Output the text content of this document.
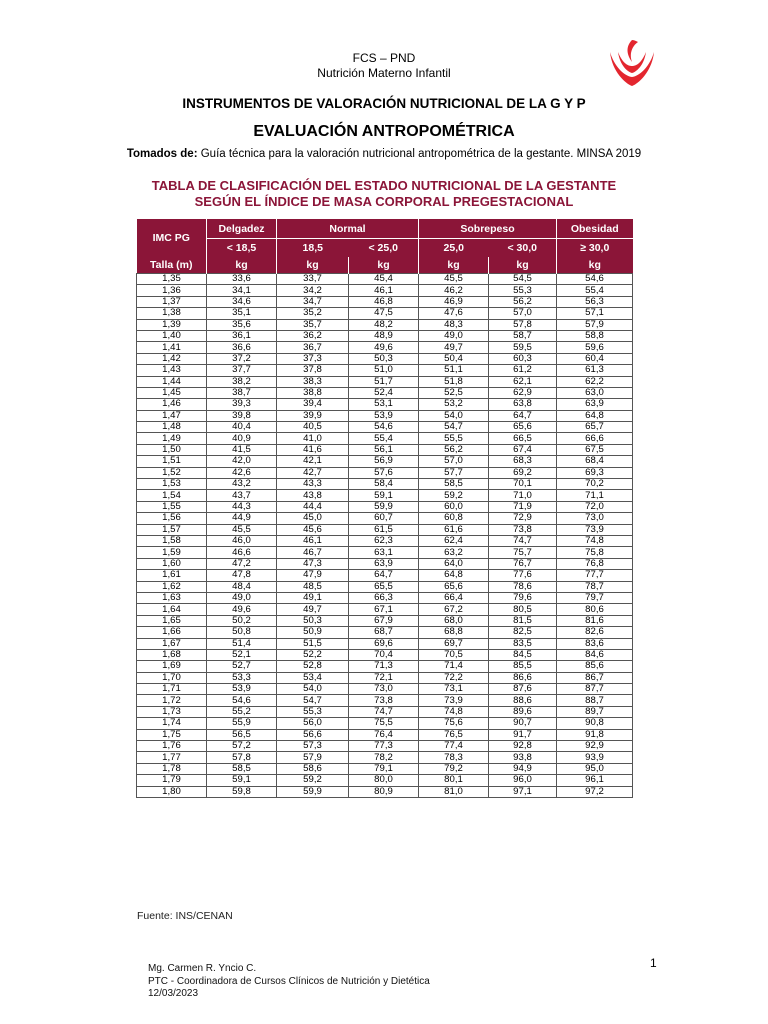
FCS – PND
Nutrición Materno Infantil
INSTRUMENTOS DE VALORACIÓN NUTRICIONAL DE LA G Y P
EVALUACIÓN ANTROPOMÉTRICA
Tomados de: Guía técnica para la valoración nutricional antropométrica de la gestante. MINSA 2019
TABLA DE CLASIFICACIÓN DEL ESTADO NUTRICIONAL DE LA GESTANTE
SEGÚN EL ÍNDICE DE MASA CORPORAL PREGESTACIONAL
IMC PG	Delgadez	Normal		Sobrepeso		Obesidad
	< 18,5	18,5	< 25,0	25,0	< 30,0	≥ 30,0
Talla (m)	kg	kg	kg	kg	kg	kg
1,35	33,6	33,7	45,4	45,5	54,5	54,6
1,36	34,1	34,2	46,1	46,2	55,3	55,4
1,37	34,6	34,7	46,8	46,9	56,2	56,3
1,38	35,1	35,2	47,5	47,6	57,0	57,1
1,39	35,6	35,7	48,2	48,3	57,8	57,9
1,40	36,1	36,2	48,9	49,0	58,7	58,8
1,41	36,6	36,7	49,6	49,7	59,5	59,6
1,42	37,2	37,3	50,3	50,4	60,3	60,4
1,43	37,7	37,8	51,0	51,1	61,2	61,3
1,44	38,2	38,3	51,7	51,8	62,1	62,2
1,45	38,7	38,8	52,4	52,5	62,9	63,0
1,46	39,3	39,4	53,1	53,2	63,8	63,9
1,47	39,8	39,9	53,9	54,0	64,7	64,8
1,48	40,4	40,5	54,6	54,7	65,6	65,7
1,49	40,9	41,0	55,4	55,5	66,5	66,6
1,50	41,5	41,6	56,1	56,2	67,4	67,5
1,51	42,0	42,1	56,9	57,0	68,3	68,4
1,52	42,6	42,7	57,6	57,7	69,2	69,3
1,53	43,2	43,3	58,4	58,5	70,1	70,2
1,54	43,7	43,8	59,1	59,2	71,0	71,1
1,55	44,3	44,4	59,9	60,0	71,9	72,0
1,56	44,9	45,0	60,7	60,8	72,9	73,0
1,57	45,5	45,6	61,5	61,6	73,8	73,9
1,58	46,0	46,1	62,3	62,4	74,7	74,8
1,59	46,6	46,7	63,1	63,2	75,7	75,8
1,60	47,2	47,3	63,9	64,0	76,7	76,8
1,61	47,8	47,9	64,7	64,8	77,6	77,7
1,62	48,4	48,5	65,5	65,6	78,6	78,7
1,63	49,0	49,1	66,3	66,4	79,6	79,7
1,64	49,6	49,7	67,1	67,2	80,5	80,6
1,65	50,2	50,3	67,9	68,0	81,5	81,6
1,66	50,8	50,9	68,7	68,8	82,5	82,6
1,67	51,4	51,5	69,6	69,7	83,5	83,6
1,68	52,1	52,2	70,4	70,5	84,5	84,6
1,69	52,7	52,8	71,3	71,4	85,5	85,6
1,70	53,3	53,4	72,1	72,2	86,6	86,7
1,71	53,9	54,0	73,0	73,1	87,6	87,7
1,72	54,6	54,7	73,8	73,9	88,6	88,7
1,73	55,2	55,3	74,7	74,8	89,6	89,7
1,74	55,9	56,0	75,5	75,6	90,7	90,8
1,75	56,5	56,6	76,4	76,5	91,7	91,8
1,76	57,2	57,3	77,3	77,4	92,8	92,9
1,77	57,8	57,9	78,2	78,3	93,8	93,9
1,78	58,5	58,6	79,1	79,2	94,9	95,0
1,79	59,1	59,2	80,0	80,1	96,0	96,1
1,80	59,8	59,9	80,9	81,0	97,1	97,2
Fuente: INS/CENAN
1
Mg. Carmen R. Yncio C.
PTC - Coordinadora de Cursos Clínicos de Nutrición y Dietética
12/03/2023
